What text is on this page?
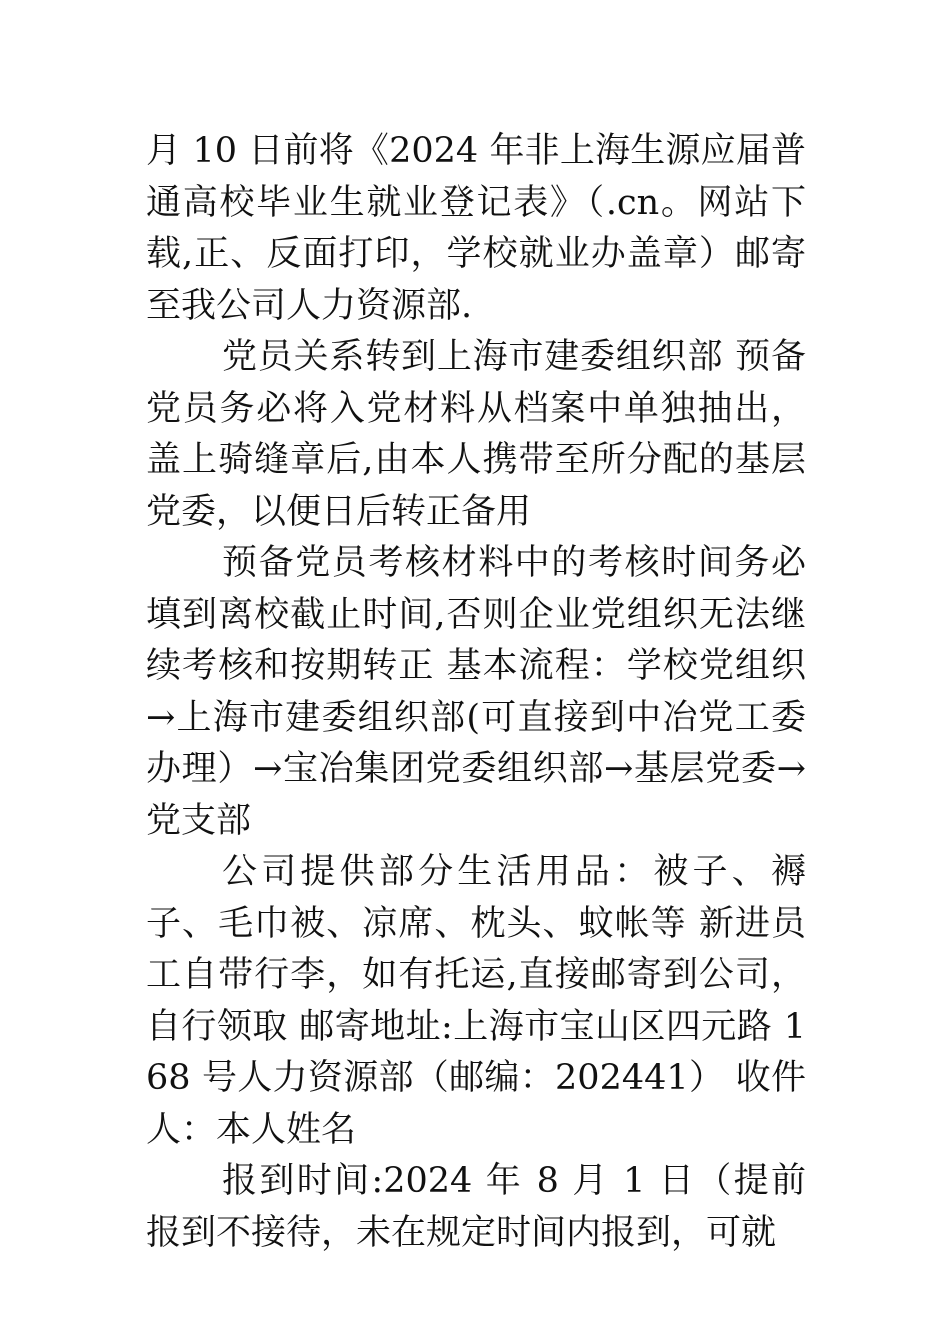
月 10 日前将《2024 年非上海生源应届普通高校毕业生就业登记表》（.cn。网站下载,正、反面打印，学校就业办盖章）邮寄至我公司人力资源部.

党员关系转到上海市建委组织部 预备党员务必将入党材料从档案中单独抽出，盖上骑缝章后,由本人携带至所分配的基层党委，以便日后转正备用

预备党员考核材料中的考核时间务必填到离校截止时间,否则企业党组织无法继续考核和按期转正 基本流程：学校党组织→上海市建委组织部(可直接到中冶党工委办理）→宝冶集团党委组织部→基层党委→党支部

公司提供部分生活用品：被子、褥子、毛巾被、凉席、枕头、蚊帐等 新进员工自带行李，如有托运,直接邮寄到公司，自行领取 邮寄地址:上海市宝山区四元路 168 号人力资源部（邮编：202441） 收件人：本人姓名

报到时间:2024 年 8 月 1 日（提前报到不接待，未在规定时间内报到，可就
